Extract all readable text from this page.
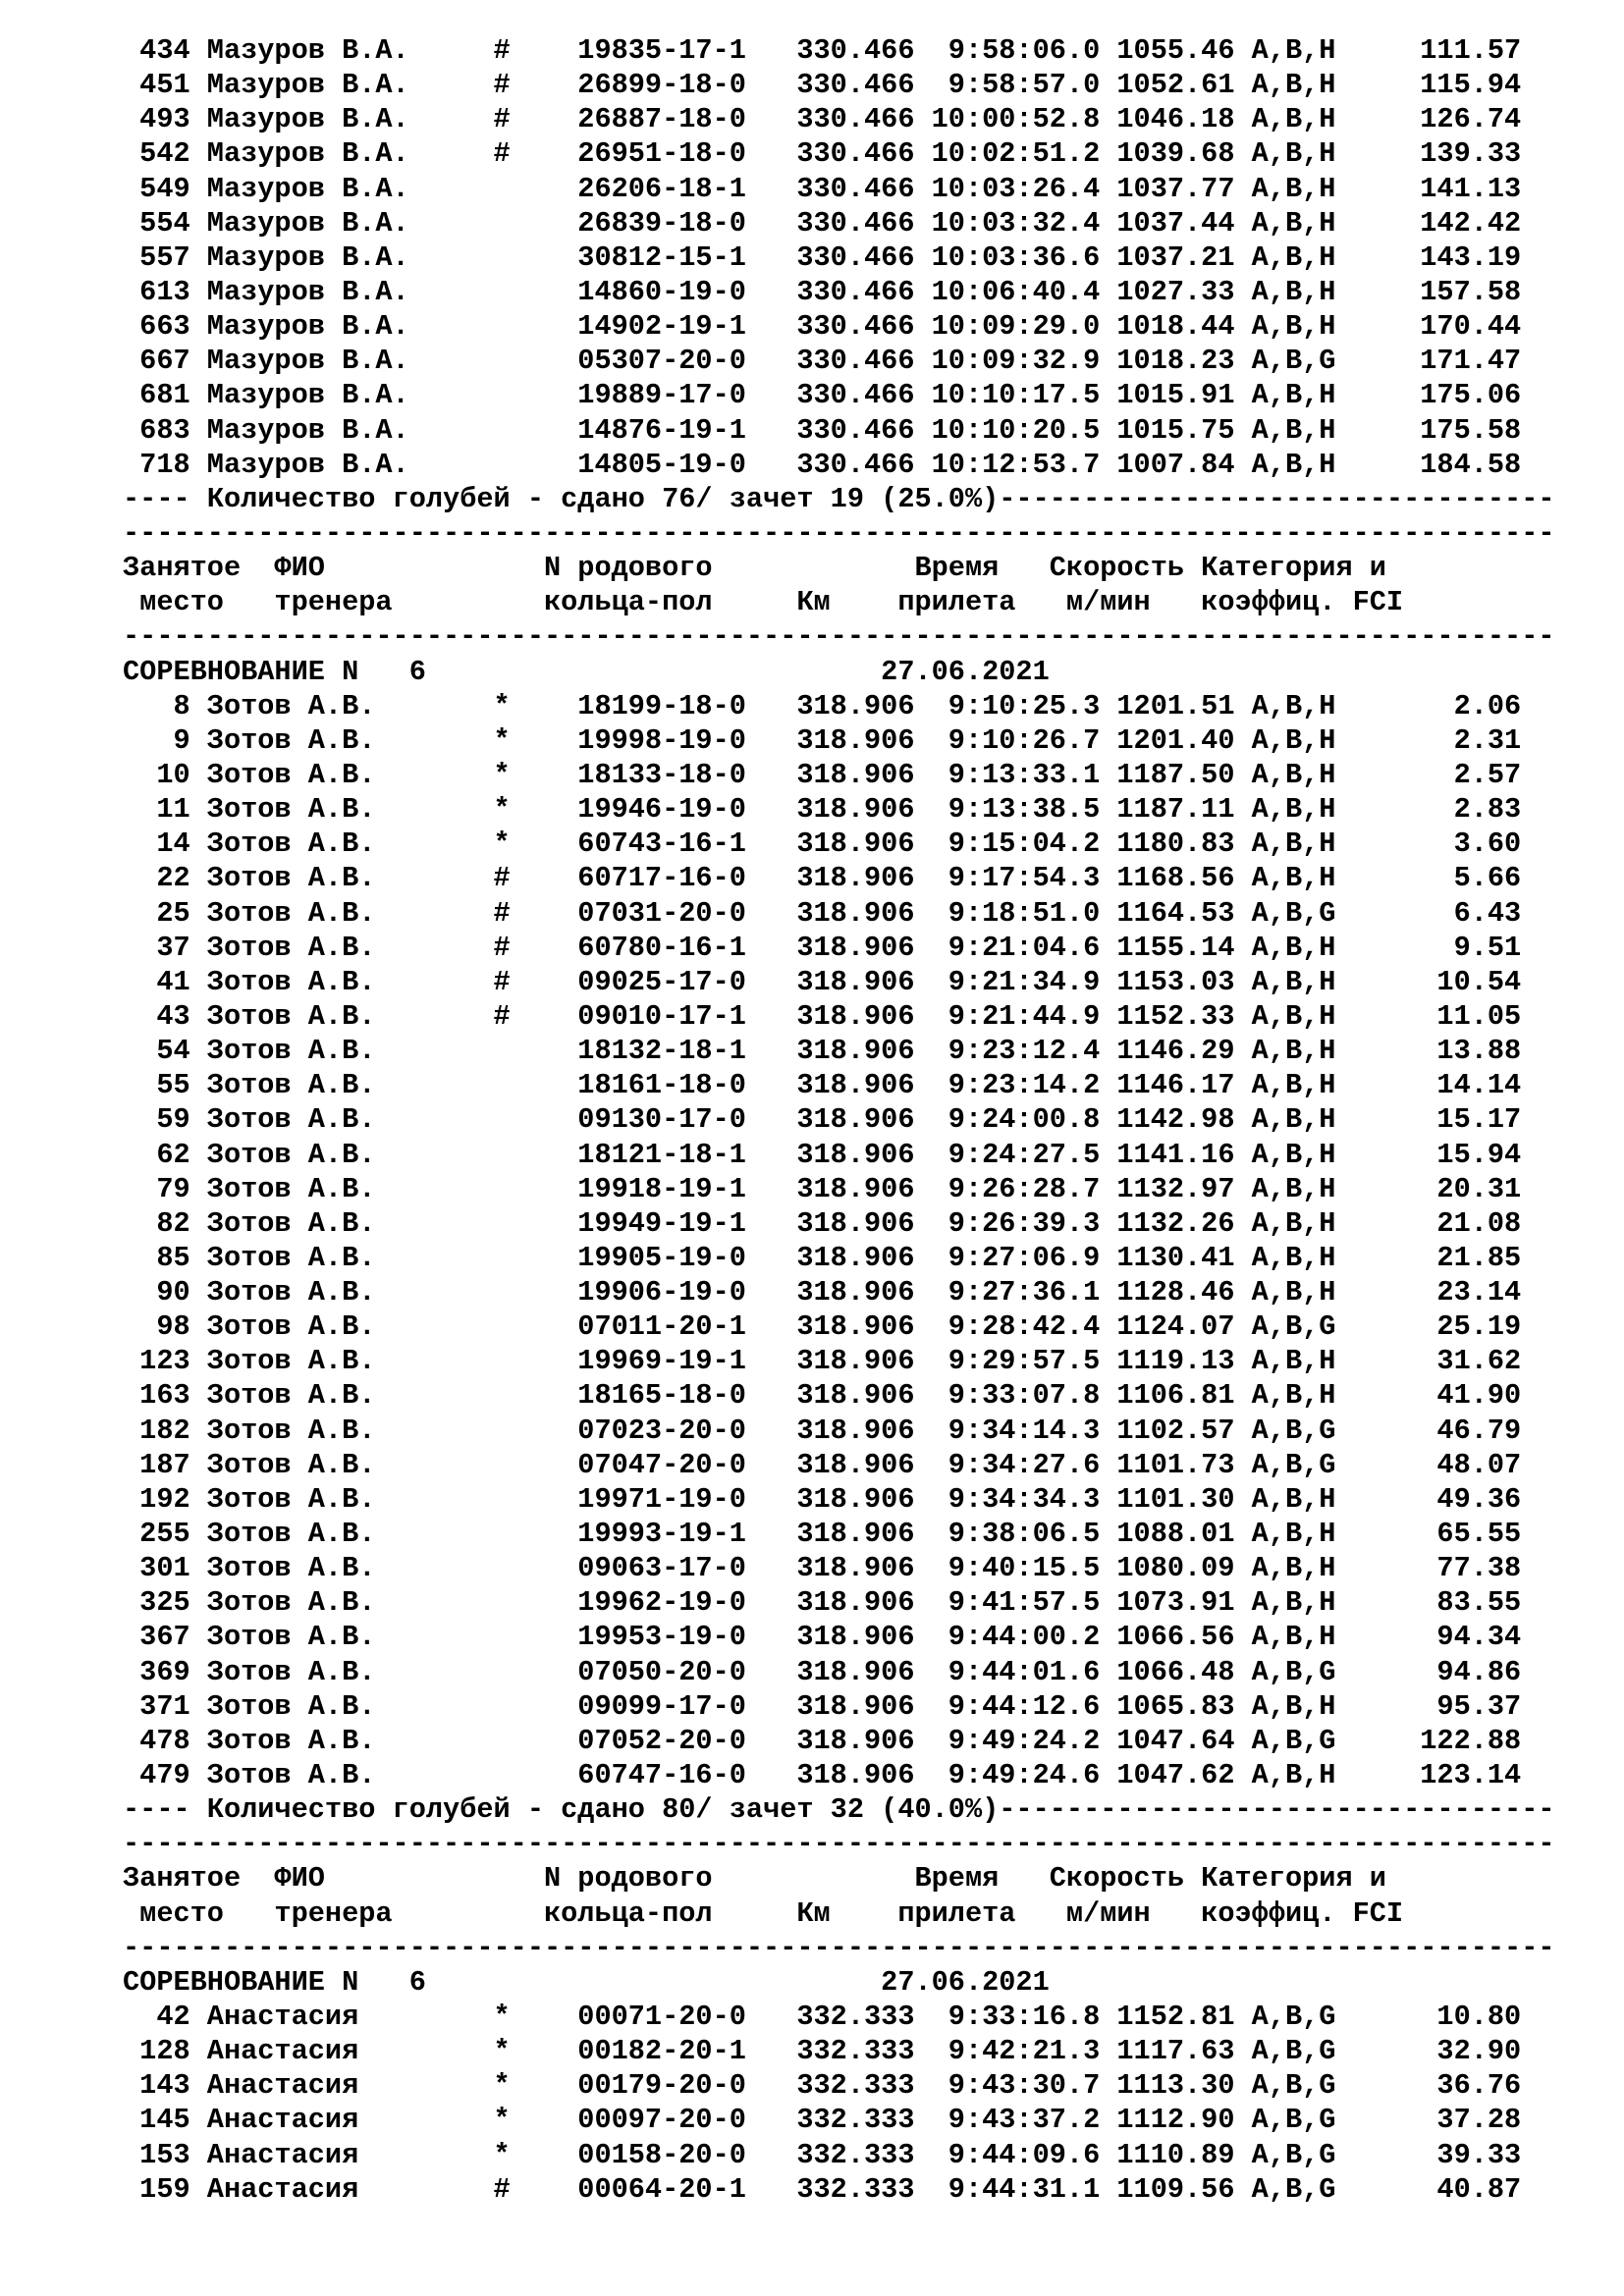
434 Мазуров В.А.     #    19835-17-1   330.466  9:58:06.0 1055.46 A,B,H     111.57
451 Мазуров В.А.     #    26899-18-0   330.466  9:58:57.0 1052.61 A,B,H     115.94
493 Мазуров В.А.     #    26887-18-0   330.466 10:00:52.8 1046.18 A,B,H     126.74
542 Мазуров В.А.     #    26951-18-0   330.466 10:02:51.2 1039.68 A,B,H     139.33
549 Мазуров В.А.          26206-18-1   330.466 10:03:26.4 1037.77 A,B,H     141.13
554 Мазуров В.А.          26839-18-0   330.466 10:03:32.4 1037.44 A,B,H     142.42
557 Мазуров В.А.          30812-15-1   330.466 10:03:36.6 1037.21 A,B,H     143.19
613 Мазуров В.А.          14860-19-0   330.466 10:06:40.4 1027.33 A,B,H     157.58
663 Мазуров В.А.          14902-19-1   330.466 10:09:29.0 1018.44 A,B,H     170.44
667 Мазуров В.А.          05307-20-0   330.466 10:09:32.9 1018.23 A,B,G     171.47
681 Мазуров В.А.          19889-17-0   330.466 10:10:17.5 1015.91 A,B,H     175.06
683 Мазуров В.А.          14876-19-1   330.466 10:10:20.5 1015.75 A,B,H     175.58
718 Мазуров В.А.          14805-19-0   330.466 10:12:53.7 1007.84 A,B,H     184.58
---- Количество голубей - сдано 76/ зачет 19 (25.0%)---------------------------------
-------------------------------------------------------------------------------------
Занятое  ФИО             N родового            Время   Скорость Категория и
место   тренера         кольца-пол     Км    прилета   м/мин   коэффиц. FCI
-------------------------------------------------------------------------------------
СОРЕВНОВАНИЕ N   6                           27.06.2021
8 Зотов А.В.       *    18199-18-0   318.906  9:10:25.3 1201.51 A,B,H       2.06
9 Зотов А.В.       *    19998-19-0   318.906  9:10:26.7 1201.40 A,B,H       2.31
10 Зотов А.В.       *    18133-18-0   318.906  9:13:33.1 1187.50 A,B,H       2.57
11 Зотов А.В.       *    19946-19-0   318.906  9:13:38.5 1187.11 A,B,H       2.83
14 Зотов А.В.       *    60743-16-1   318.906  9:15:04.2 1180.83 A,B,H       3.60
22 Зотов А.В.       #    60717-16-0   318.906  9:17:54.3 1168.56 A,B,H       5.66
25 Зотов А.В.       #    07031-20-0   318.906  9:18:51.0 1164.53 A,B,G       6.43
37 Зотов А.В.       #    60780-16-1   318.906  9:21:04.6 1155.14 A,B,H       9.51
41 Зотов А.В.       #    09025-17-0   318.906  9:21:34.9 1153.03 A,B,H      10.54
43 Зотов А.В.       #    09010-17-1   318.906  9:21:44.9 1152.33 A,B,H      11.05
54 Зотов А.В.            18132-18-1   318.906  9:23:12.4 1146.29 A,B,H      13.88
55 Зотов А.В.            18161-18-0   318.906  9:23:14.2 1146.17 A,B,H      14.14
59 Зотов А.В.            09130-17-0   318.906  9:24:00.8 1142.98 A,B,H      15.17
62 Зотов А.В.            18121-18-1   318.906  9:24:27.5 1141.16 A,B,H      15.94
79 Зотов А.В.            19918-19-1   318.906  9:26:28.7 1132.97 A,B,H      20.31
82 Зотов А.В.            19949-19-1   318.906  9:26:39.3 1132.26 A,B,H      21.08
85 Зотов А.В.            19905-19-0   318.906  9:27:06.9 1130.41 A,B,H      21.85
90 Зотов А.В.            19906-19-0   318.906  9:27:36.1 1128.46 A,B,H      23.14
98 Зотов А.В.            07011-20-1   318.906  9:28:42.4 1124.07 A,B,G      25.19
123 Зотов А.В.            19969-19-1   318.906  9:29:57.5 1119.13 A,B,H      31.62
163 Зотов А.В.            18165-18-0   318.906  9:33:07.8 1106.81 A,B,H      41.90
182 Зотов А.В.            07023-20-0   318.906  9:34:14.3 1102.57 A,B,G      46.79
187 Зотов А.В.            07047-20-0   318.906  9:34:27.6 1101.73 A,B,G      48.07
192 Зотов А.В.            19971-19-0   318.906  9:34:34.3 1101.30 A,B,H      49.36
255 Зотов А.В.            19993-19-1   318.906  9:38:06.5 1088.01 A,B,H      65.55
301 Зотов А.В.            09063-17-0   318.906  9:40:15.5 1080.09 A,B,H      77.38
325 Зотов А.В.            19962-19-0   318.906  9:41:57.5 1073.91 A,B,H      83.55
367 Зотов А.В.            19953-19-0   318.906  9:44:00.2 1066.56 A,B,H      94.34
369 Зотов А.В.            07050-20-0   318.906  9:44:01.6 1066.48 A,B,G      94.86
371 Зотов А.В.            09099-17-0   318.906  9:44:12.6 1065.83 A,B,H      95.37
478 Зотов А.В.            07052-20-0   318.906  9:49:24.2 1047.64 A,B,G     122.88
479 Зотов А.В.            60747-16-0   318.906  9:49:24.6 1047.62 A,B,H     123.14
---- Количество голубей - сдано 80/ зачет 32 (40.0%)---------------------------------
-------------------------------------------------------------------------------------
Занятое  ФИО             N родового            Время   Скорость Категория и
место   тренера         кольца-пол     Км    прилета   м/мин   коэффиц. FCI
-------------------------------------------------------------------------------------
СОРЕВНОВАНИЕ N   6                           27.06.2021
42 Анастасия        *    00071-20-0   332.333  9:33:16.8 1152.81 A,B,G      10.80
128 Анастасия        *    00182-20-1   332.333  9:42:21.3 1117.63 A,B,G      32.90
143 Анастасия        *    00179-20-0   332.333  9:43:30.7 1113.30 A,B,G      36.76
145 Анастасия        *    00097-20-0   332.333  9:43:37.2 1112.90 A,B,G      37.28
153 Анастасия        *    00158-20-0   332.333  9:44:09.6 1110.89 A,B,G      39.33
159 Анастасия        #    00064-20-1   332.333  9:44:31.1 1109.56 A,B,G      40.87
